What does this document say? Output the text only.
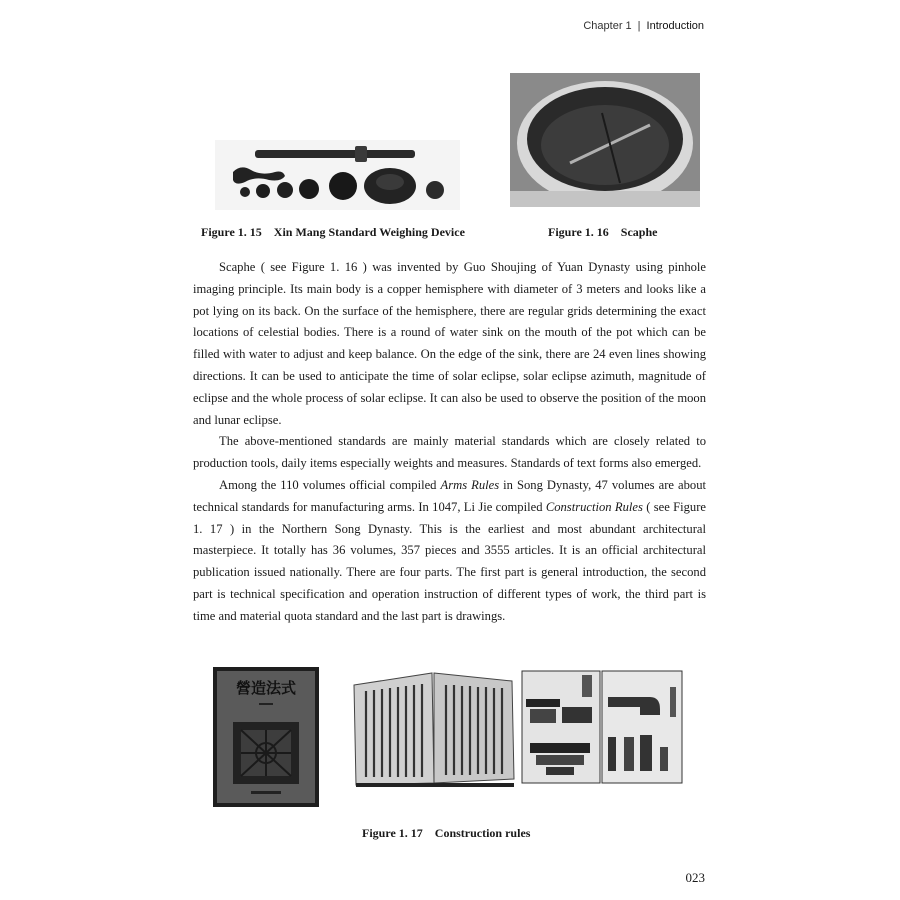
Chapter 1 | Introduction
Figure 1. 15 Xin Mang Standard Weighing Device	Figure 1. 16 Scaphe

Scaphe ( see Figure 1. 16 ) was invented by Guo Shoujing of Yuan Dynasty using pinhole imaging principle. Its main body is a copper hemisphere with diameter of 3 meters and looks like a pot lying on its back. On the surface of the hemisphere, there are regular grids determining the exact locations of celestial bodies. There is a round of water sink on the mouth of the pot which can be filled with water to adjust and keep balance. On the edge of the sink, there are 24 even lines showing directions. It can be used to anticipate the time of solar eclipse, solar eclipse azimuth, magnitude of eclipse and the whole process of solar eclipse. It can also be used to observe the position of the moon and lunar eclipse.

The above-mentioned standards are mainly material standards which are closely related to production tools, daily items especially weights and measures. Standards of text forms also emerged.

Among the 110 volumes official compiled Arms Rules in Song Dynasty, 47 volumes are about technical standards for manufacturing arms. In 1047, Li Jie compiled Construction Rules ( see Figure 1. 17 ) in the Northern Song Dynasty. This is the earliest and most abundant architectural masterpiece. It totally has 36 volumes, 357 pieces and 3555 articles. It is an official architectural publication issued nationally. There are four parts. The first part is general introduction, the second part is technical specification and operation instruction of different types of work, the third part is time and material quota standard and the last part is drawings.

營造法式
Figure 1. 17 Construction rules
023
